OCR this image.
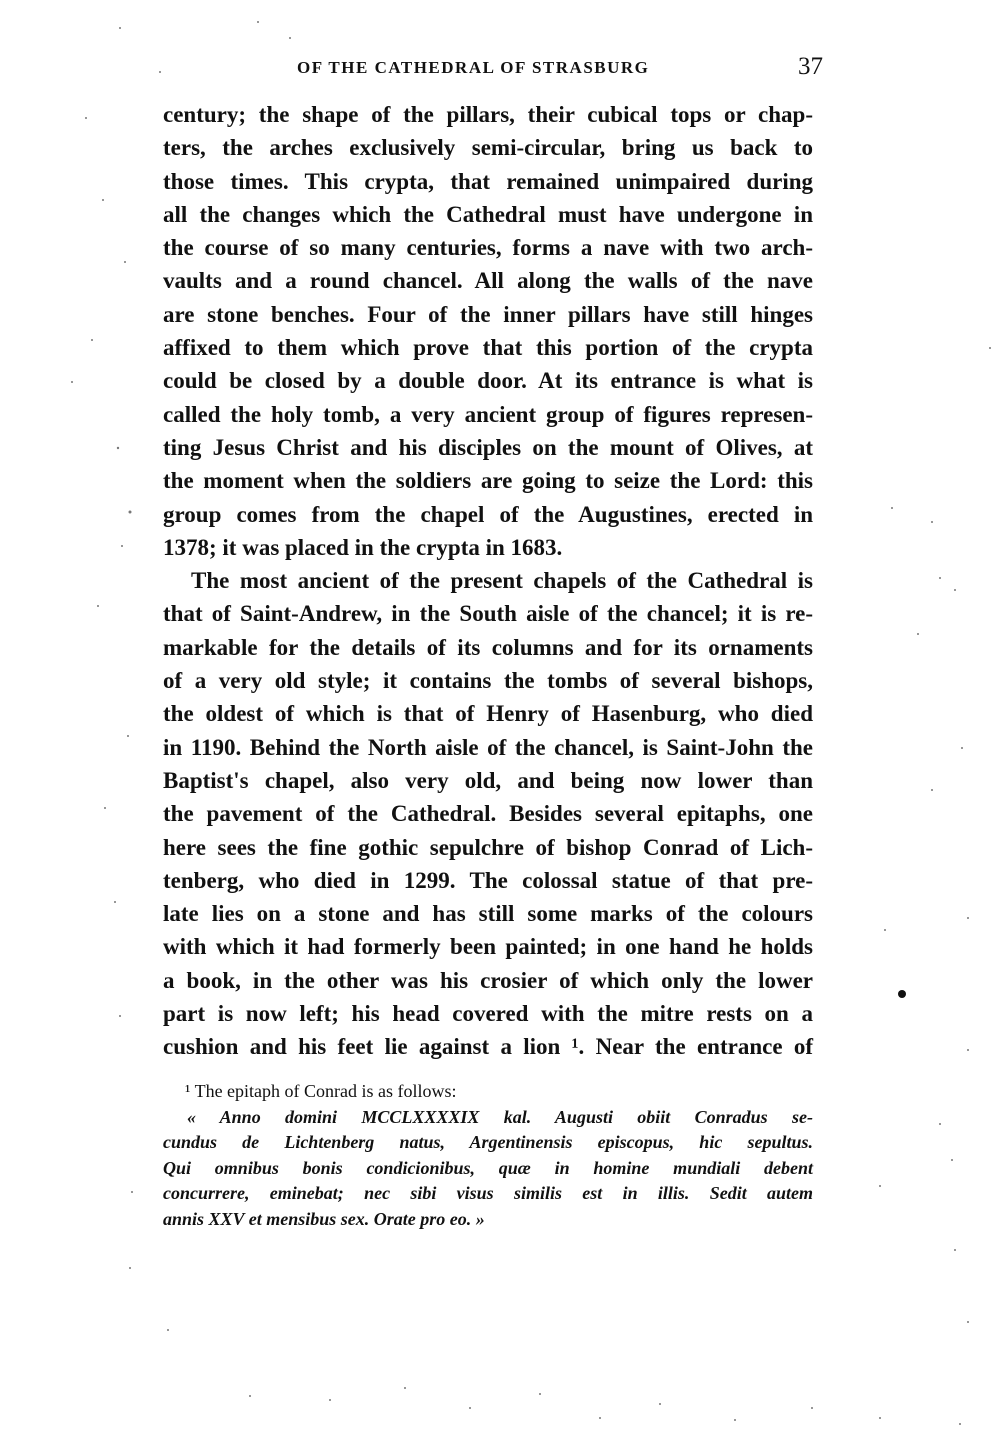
OF THE CATHEDRAL OF STRASBURG	37
century; the shape of the pillars, their cubical tops or chap-
ters, the arches exclusively semi-circular, bring us back to
those times. This crypta, that remained unimpaired during
all the changes which the Cathedral must have undergone in
the course of so many centuries, forms a nave with two arch-
vaults and a round chancel. All along the walls of the nave
are stone benches. Four of the inner pillars have still hinges
affixed to them which prove that this portion of the crypta
could be closed by a double door. At its entrance is what is
called the holy tomb, a very ancient group of figures represen-
ting Jesus Christ and his disciples on the mount of Olives, at
the moment when the soldiers are going to seize the Lord: this
group comes from the chapel of the Augustines, erected in
1378; it was placed in the crypta in 1683.
The most ancient of the present chapels of the Cathedral is
that of Saint-Andrew, in the South aisle of the chancel; it is re-
markable for the details of its columns and for its ornaments
of a very old style; it contains the tombs of several bishops,
the oldest of which is that of Henry of Hasenburg, who died
in 1190. Behind the North aisle of the chancel, is Saint-John the
Baptist's chapel, also very old, and being now lower than
the pavement of the Cathedral. Besides several epitaphs, one
here sees the fine gothic sepulchre of bishop Conrad of Lich-
tenberg, who died in 1299. The colossal statue of that pre-
late lies on a stone and has still some marks of the colours
with which it had formerly been painted; in one hand he holds
a book, in the other was his crosier of which only the lower
part is now left; his head covered with the mitre rests on a
cushion and his feet lie against a lion ¹. Near the entrance of
¹ The epitaph of Conrad is as follows:
« Anno domini MCCLXXXXIX kal. Augusti obiit Conradus se-
cundus de Lichtenberg natus, Argentinensis episcopus, hic sepultus.
Qui omnibus bonis condicionibus, quæ in homine mundiali debent
concurrere, eminebat; nec sibi visus similis est in illis. Sedit autem
annis XXV et mensibus sex. Orate pro eo. »
